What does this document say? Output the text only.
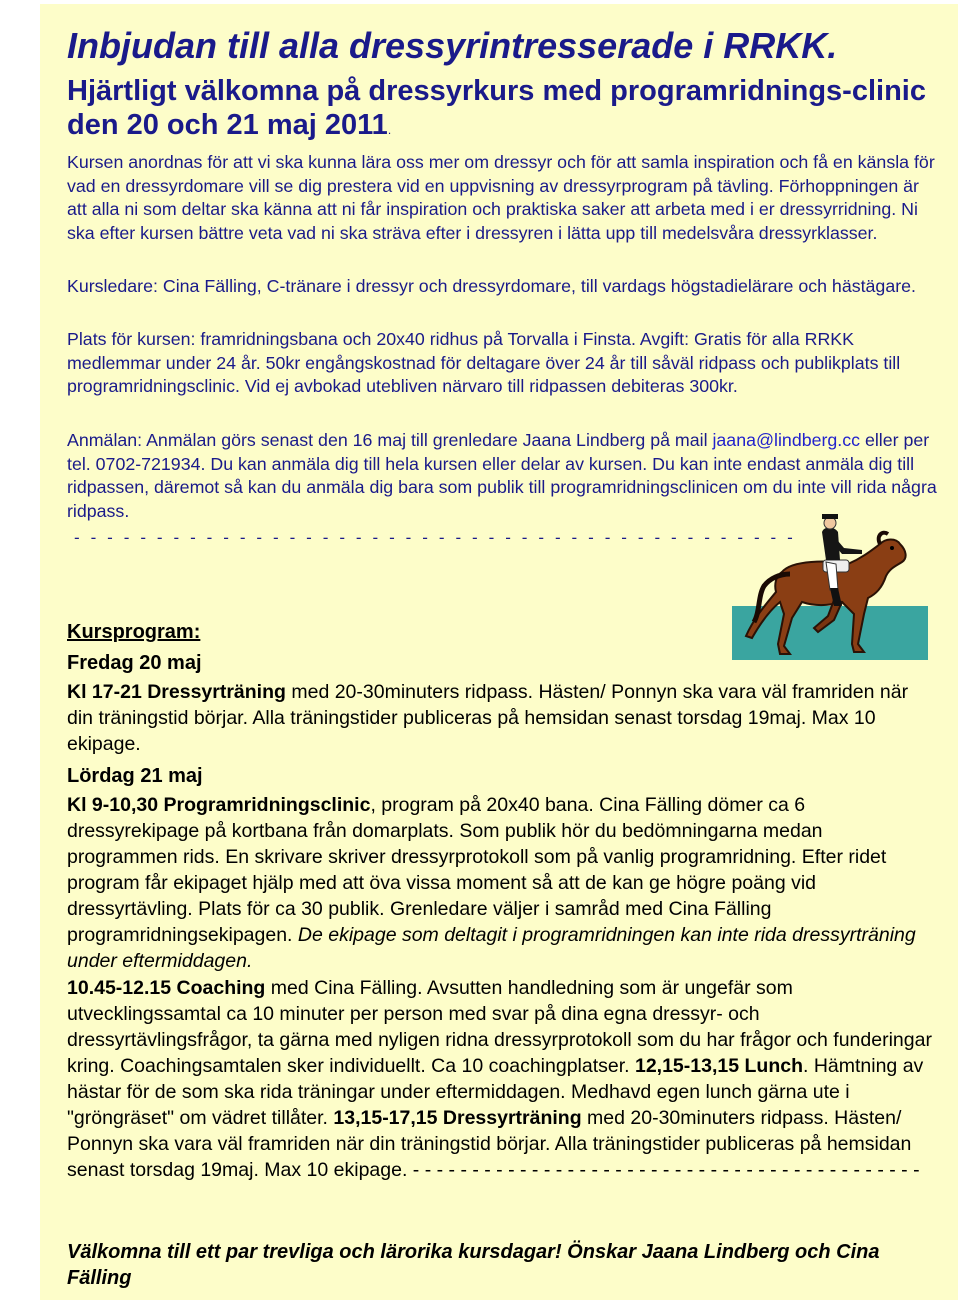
Inbjudan till alla dressyrintresserade i RRKK.
Hjärtligt välkomna på dressyrkurs med programridnings-clinic den 20 och 21 maj 2011.

Kursen anordnas för att vi ska kunna lära oss mer om dressyr och för att samla inspiration och få en känsla för vad en dressyrdomare vill se dig prestera vid en uppvisning av dressyrprogram på tävling. Förhoppningen är att alla ni som deltar ska känna att ni får inspiration och praktiska saker att arbeta med i er dressyrridning. Ni ska efter kursen bättre veta vad ni ska sträva efter i dressyren i lätta upp till medelsvåra dressyrklasser.

Kursledare: Cina Fälling, C-tränare i dressyr och dressyrdomare, till vardags högstadielärare och hästägare.

Plats för kursen: framridningsbana och 20x40 ridhus på Torvalla i Finsta. Avgift: Gratis för alla RRKK medlemmar under 24 år. 50kr engångskostnad för deltagare över 24 år till såväl ridpass och publikplats till programridningsclinic. Vid ej avbokad utebliven närvaro till ridpassen debiteras 300kr.

Anmälan: Anmälan görs senast den 16 maj till grenledare Jaana Lindberg på mail jaana@lindberg.cc eller per tel. 0702-721934. Du kan anmäla dig till hela kursen eller delar av kursen. Du kan inte endast anmäla dig till ridpassen, däremot så kan du anmäla dig bara som publik till programridningsclinicen om du inte vill rida några ridpass.

- - - - - - - - - - - - - - - - - - - - - - - - - - - - - - - - - - - - - - - - - - - -
Kursprogram:
Fredag 20 maj

Kl 17-21 Dressyrträning med 20-30minuters ridpass. Hästen/ Ponnyn ska vara väl framriden när din träningstid börjar. Alla träningstider publiceras på hemsidan senast torsdag 19maj. Max 10 ekipage.

Lördag 21 maj

Kl 9-10,30 Programridningsclinic, program på 20x40 bana. Cina Fälling dömer ca 6 dressyrekipage på kortbana från domarplats. Som publik hör du bedömningarna medan programmen rids. En skrivare skriver dressyrprotokoll som på vanlig programridning. Efter ridet program får ekipaget hjälp med att öva vissa moment så att de kan ge högre poäng vid dressyrtävling. Plats för ca 30 publik. Grenledare väljer i samråd med Cina Fälling programridningsekipagen. De ekipage som deltagit i programridningen kan inte rida dressyrträning under eftermiddagen.

10.45-12.15 Coaching med Cina Fälling. Avsutten handledning som är ungefär som utvecklingssamtal ca 10 minuter per person med svar på dina egna dressyr- och dressyrtävlingsfrågor, ta gärna med nyligen ridna dressyrprotokoll som du har frågor och funderingar kring. Coachingsamtalen sker individuellt. Ca 10 coachingplatser. 12,15-13,15 Lunch. Hämtning av hästar för de som ska rida träningar under eftermiddagen. Medhavd egen lunch gärna ute i "gröngräset" om vädret tillåter. 13,15-17,15 Dressyrträning med 20-30minuters ridpass. Hästen/ Ponnyn ska vara väl framriden när din träningstid börjar. Alla träningstider publiceras på hemsidan senast torsdag 19maj. Max 10 ekipage. - - - - - - - - - - - - - - - - - - - - - - - - - - - - - - - - - - - - - - - - - - -

Välkomna till ett par trevliga och lärorika kursdagar! Önskar Jaana Lindberg och Cina Fälling
